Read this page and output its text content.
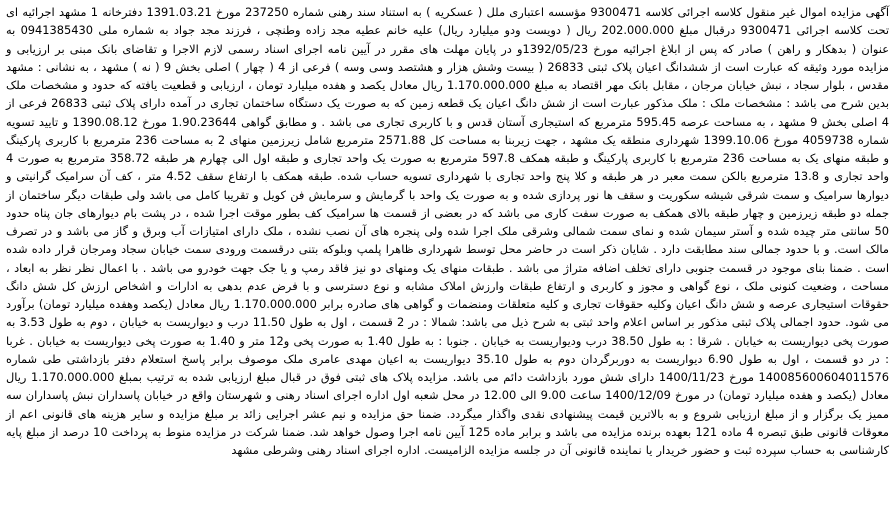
آگهی مزایده اموال غیر منقول کلاسه اجرائی کلاسه 9300471 مؤسسه اعتباری ملل ( عسکریه ) به استناد سند رهنی شماره 237250 مورخ 1391.03.21 دفترخانه 1 مشهد اجرائیه ای تحت کلاسه اجرائی 9300471 درقبال مبلغ 202.000.000 ریال ( دویست ودو میلیارد ریال) علیه خانم عطیه مجد زاده وطنچی ، فرزند مجد جواد به شماره ملی 0941385430 به عنوان ( بدهکار و راهن ) صادر که پس از ابلاغ اجرائیه مورخ 1392/05/23و در پایان مهلت های مقرر در آیین نامه اجرای اسناد رسمی لازم الاجرا و تقاضای بانک مبنی بر ارزیابی و مزایده مورد وثیقه که عبارت است از ششدانگ اعیان پلاک ثبتی 26833 ( بیست وشش هزار و هشتصد وسی وسه ) فرعی از 4 ( چهار ) اصلی بخش 9 ( نه ) مشهد ، به نشانی : مشهد مقدس ، بلوار سجاد ، نبش خیابان مرجان ، مقابل بانک مهر اقتصاد به مبلغ 1.170.000.000 ریال معادل یکصد و هفده میلیارد تومان ، ارزیابی و قطعیت یافته که حدود و مشخصات ملک بدین شرح می باشد : مشخصات ملک : ملک مذکور عبارت است از شش دانگ اعیان یک قطعه زمین که به صورت یک دستگاه ساختمان تجاری در آمده دارای پلاک ثبتی 26833 فرعی از 4 اصلی بخش 9 مشهد ، به مساحت عرصه 595.45 مترمربع که استیجاری آستان قدس و با کاربری تجاری می باشد . و مطابق گواهی 1.90.23644 مورخ 1390.08.12 و تایید تسویه شماره 4059738 مورخ 1399.10.06 شهرداری منطقه یک مشهد ، جهت زیربنا به مساحت کل 2571.88 مترمربع شامل زیرزمین منهای 2 به مساحت 236 مترمربع با کاربری پارکینگ و طبقه منهای یک به مساحت 236 مترمربع با کاربری پارکینگ و طبقه همکف 597.8 مترمربع به صورت یک واحد تجاری و طبقه اول الی چهارم هر طبقه 358.72 مترمربع به صورت 4 واحد تجاری و 13.8 مترمربع بالکن سمت معبر در هر طبقه و کلا پنج واحد تجاری با شهرداری تسویه حساب شده. طبقه همکف با ارتفاع سقف 4.52 متر ، کف آن سرامیک گرانیتی و دیوارها سرامیک و سمت شرقی شیشه سکوریت و سقف ها نور پردازی شده و به صورت یک واحد با گرمایش و سرمایش فن کویل و تقریبا کامل می باشد ولی طبقات دیگر ساختمان از جمله دو طبقه زیرزمین و چهار طبقه بالای همکف به صورت سفت کاری می باشد که در بعضی از قسمت ها سرامیک کف بطور موقت اجرا شده ، در پشت بام دیوارهای جان پناه حدود 50 سانتی متر چیده شده و آستر سیمان شده و نمای سمت شمالی وشرقی ملک اجرا شده ولی پنجره های آن نصب نشده ، ملک دارای امتیازات آب وبرق و گاز می باشد و در تصرف مالک است. و با حدود جمالی سند مطابقت دارد . شایان ذکر است در حاضر محل توسط شهرداری ظاهرا پلمپ وبلوکه بتنی درقسمت ورودی سمت خیابان سجاد ومرجان قرار داده شده است . ضمنا بنای موجود در قسمت جنوبی دارای تخلف اضافه متراژ می باشد . طبقات منهای یک ومنهای دو نیز فاقد رمپ و یا جک جهت خودرو می باشد . با اعمال نظر نظر به ابعاد ، مساحت ، وضعیت کنونی ملک ، نوع گواهی و مجوز و کاربری و ارتفاع طبقات وارزش املاک مشابه و نوع دسترسی و با فرض عدم بدهی به ادارات و اشخاص ارزش کل شش دانگ حقوقات استیجاری عرصه و شش دانگ اعیان وکلیه حقوقات تجاری و کلیه متعلقات ومنضمات و گواهی های صادره برابر 1.170.000.000 ریال معادل (یکصد وهفده میلیارد تومان) برآورد می شود. حدود اجمالی پلاک ثبتی مذکور بر اساس اعلام واحد ثبتی به شرح ذیل می باشد: شمالا : در 2 قسمت ، اول به طول 11.50 درب و دیواریست به خیابان ، دوم به طول 3.53 به صورت پخی دیواریست به خیابان . شرقا : به طول 38.50 درب ودیواریست به خیابان . جنوبا : به طول 1.40 به صورت پخی و12 متر و 1.40 به صورت پخی دیواریست به خیابان . غربا : در دو قسمت ، اول به طول 6.90 دیواریست به دوربرگردان دوم به طول 35.10 دیواریست به اعیان مهدی عامری ملک موصوف برابر پاسخ استعلام دفتر بازداشتی طی شماره 140085600604011576 مورخ 1400/11/23 دارای شش مورد بازداشت دائم می باشد. مزایده پلاک های ثبتی فوق در قبال مبلغ ارزیابی شده به ترتیب بمبلغ 1.170.000.000 ریال معادل (یکصد و هفده میلیارد تومان) در مورخ 1400/12/09 ساعت 9.00 الی 12.00 در محل شعبه اول اداره اجرای اسناد رهنی و شهرستان واقع در خیابان پاسداران نبش پاسداران سه ممیز یک برگزار و از مبلغ ارزیابی شروع و به بالاترین قیمت پیشنهادی نقدی واگذار میگردد. ضمنا حق مزایده و نیم عشر اجرایی زائد بر مبلغ مزایده و سایر هزینه های قانونی اعم از معوقات قانونی طبق تبصره 4 ماده 121 بعهده برنده مزایده می باشد و برابر ماده 125 آیین نامه اجرا وصول خواهد شد. ضمنا شرکت در مزایده منوط به پرداخت 10 درصد از مبلغ پایه کارشناسی به حساب سپرده ثبت و حضور خریدار یا نماینده قانونی آن در جلسه مزایده الزامیست. اداره اجرای اسناد رهنی وشرطی مشهد
